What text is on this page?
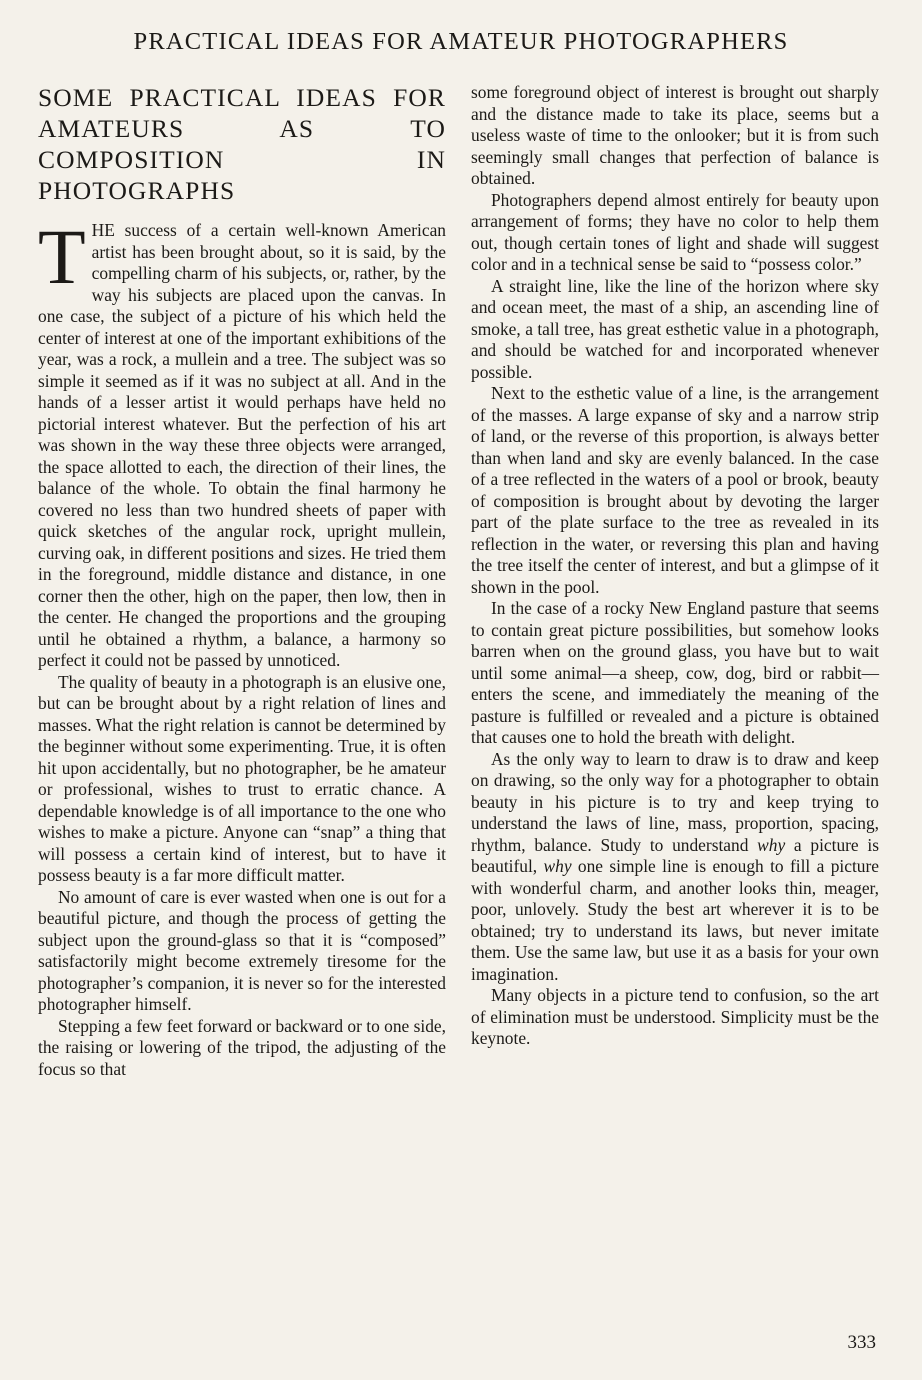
PRACTICAL IDEAS FOR AMATEUR PHOTOGRAPHERS
SOME PRACTICAL IDEAS FOR AMATEURS AS TO COMPOSITION IN PHOTOGRAPHS

THE success of a certain well-known American artist has been brought about, so it is said, by the compelling charm of his subjects, or, rather, by the way his subjects are placed upon the canvas. In one case, the subject of a picture of his which held the center of interest at one of the important exhibitions of the year, was a rock, a mullein and a tree. The subject was so simple it seemed as if it was no subject at all. And in the hands of a lesser artist it would perhaps have held no pictorial interest whatever. But the perfection of his art was shown in the way these three objects were arranged, the space allotted to each, the direction of their lines, the balance of the whole. To obtain the final harmony he covered no less than two hundred sheets of paper with quick sketches of the angular rock, upright mullein, curving oak, in different positions and sizes. He tried them in the foreground, middle distance and distance, in one corner then the other, high on the paper, then low, then in the center. He changed the proportions and the grouping until he obtained a rhythm, a balance, a harmony so perfect it could not be passed by unnoticed.

The quality of beauty in a photograph is an elusive one, but can be brought about by a right relation of lines and masses. What the right relation is cannot be determined by the beginner without some experimenting. True, it is often hit upon accidentally, but no photographer, be he amateur or professional, wishes to trust to erratic chance. A dependable knowledge is of all importance to the one who wishes to make a picture. Anyone can “snap” a thing that will possess a certain kind of interest, but to have it possess beauty is a far more difficult matter.

No amount of care is ever wasted when one is out for a beautiful picture, and though the process of getting the subject upon the ground-glass so that it is “composed” satisfactorily might become extremely tiresome for the photographer’s companion, it is never so for the interested photographer himself.

Stepping a few feet forward or backward or to one side, the raising or lowering of the tripod, the adjusting of the focus so that

some foreground object of interest is brought out sharply and the distance made to take its place, seems but a useless waste of time to the onlooker; but it is from such seemingly small changes that perfection of balance is obtained.

Photographers depend almost entirely for beauty upon arrangement of forms; they have no color to help them out, though certain tones of light and shade will suggest color and in a technical sense be said to “possess color.”

A straight line, like the line of the horizon where sky and ocean meet, the mast of a ship, an ascending line of smoke, a tall tree, has great esthetic value in a photograph, and should be watched for and incorporated whenever possible.

Next to the esthetic value of a line, is the arrangement of the masses. A large expanse of sky and a narrow strip of land, or the reverse of this proportion, is always better than when land and sky are evenly balanced. In the case of a tree reflected in the waters of a pool or brook, beauty of composition is brought about by devoting the larger part of the plate surface to the tree as revealed in its reflection in the water, or reversing this plan and having the tree itself the center of interest, and but a glimpse of it shown in the pool.

In the case of a rocky New England pasture that seems to contain great picture possibilities, but somehow looks barren when on the ground glass, you have but to wait until some animal—a sheep, cow, dog, bird or rabbit—enters the scene, and immediately the meaning of the pasture is fulfilled or revealed and a picture is obtained that causes one to hold the breath with delight.

As the only way to learn to draw is to draw and keep on drawing, so the only way for a photographer to obtain beauty in his picture is to try and keep trying to understand the laws of line, mass, proportion, spacing, rhythm, balance. Study to understand why a picture is beautiful, why one simple line is enough to fill a picture with wonderful charm, and another looks thin, meager, poor, unlovely. Study the best art wherever it is to be obtained; try to understand its laws, but never imitate them. Use the same law, but use it as a basis for your own imagination.

Many objects in a picture tend to confusion, so the art of elimination must be understood. Simplicity must be the keynote.

333
